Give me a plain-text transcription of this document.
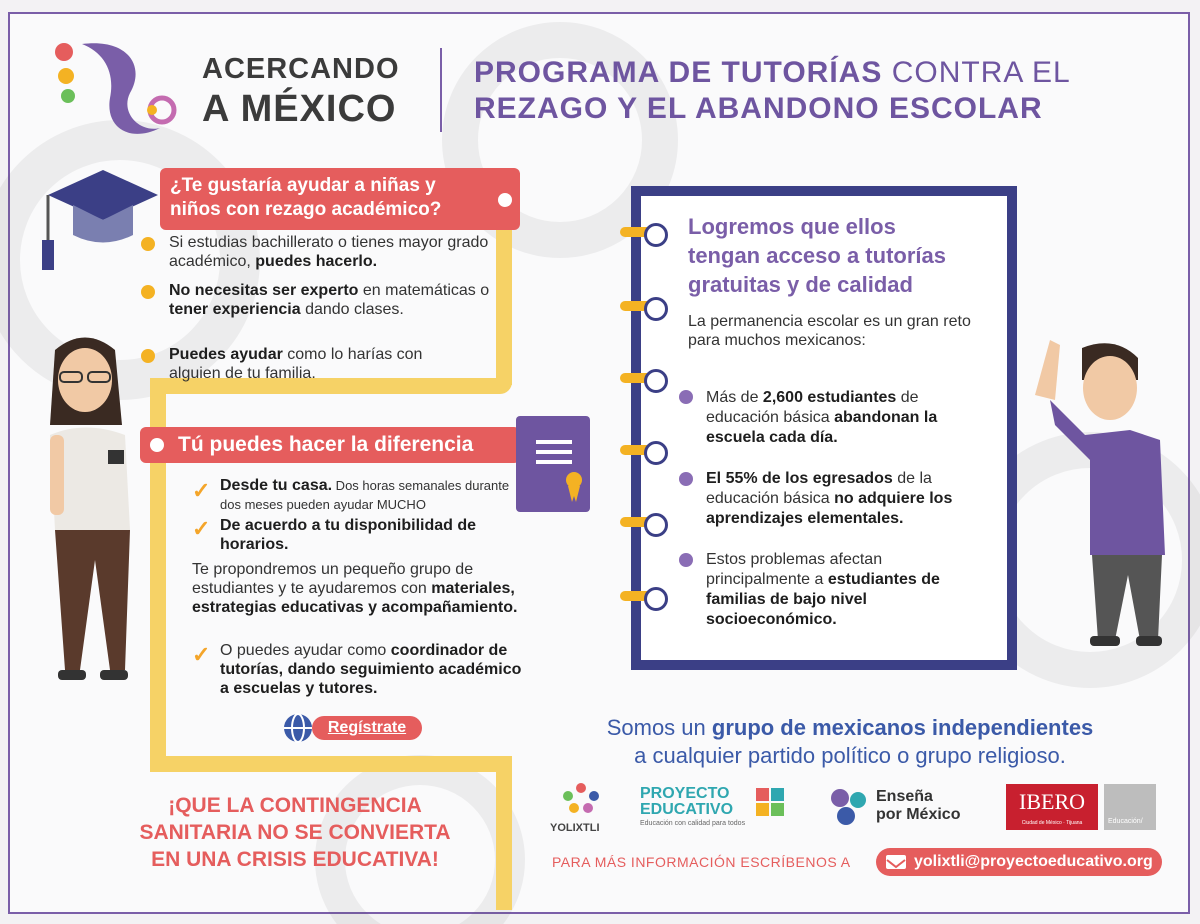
ACERCANDO
A MÉXICO
PROGRAMA DE TUTORÍAS CONTRA EL
REZAGO Y EL ABANDONO ESCOLAR
¿Te gustaría ayudar a niñas y
niños con rezago académico?
Si estudias bachillerato o tienes mayor grado académico, puedes hacerlo.
No necesitas ser experto en matemáticas o tener experiencia dando clases.
Puedes ayudar como lo harías con alguien de tu familia.
Tú puedes hacer la diferencia
✓ Desde tu casa. Dos horas semanales durante dos meses pueden ayudar MUCHO
✓ De acuerdo a tu disponibilidad de horarios.
Te propondremos un pequeño grupo de estudiantes y te ayudaremos con materiales, estrategias educativas y acompañamiento.
✓ O puedes ayudar como coordinador de tutorías, dando seguimiento académico a escuelas y tutores.
Regístrate
¡QUE LA CONTINGENCIA
SANITARIA NO SE CONVIERTA
EN UNA CRISIS EDUCATIVA!
Logremos que ellos
tengan acceso a tutorías
gratuitas y de calidad
La permanencia escolar es un gran reto para muchos mexicanos:
Más de 2,600 estudiantes de educación básica abandonan la escuela cada día.
El 55% de los egresados de la educación básica no adquiere los aprendizajes elementales.
Estos problemas afectan principalmente a estudiantes de familias de bajo nivel socioeconómico.
Somos un grupo de mexicanos independientes
a cualquier partido político o grupo religioso.
YOLIXTLI
PROYECTO
EDUCATIVO
Educación con calidad para todos
Enseña
por México
IBERO
Ciudad de México · Tijuana	Educación/
PARA MÁS INFORMACIÓN ESCRÍBENOS A	yolixtli@proyectoeducativo.org
